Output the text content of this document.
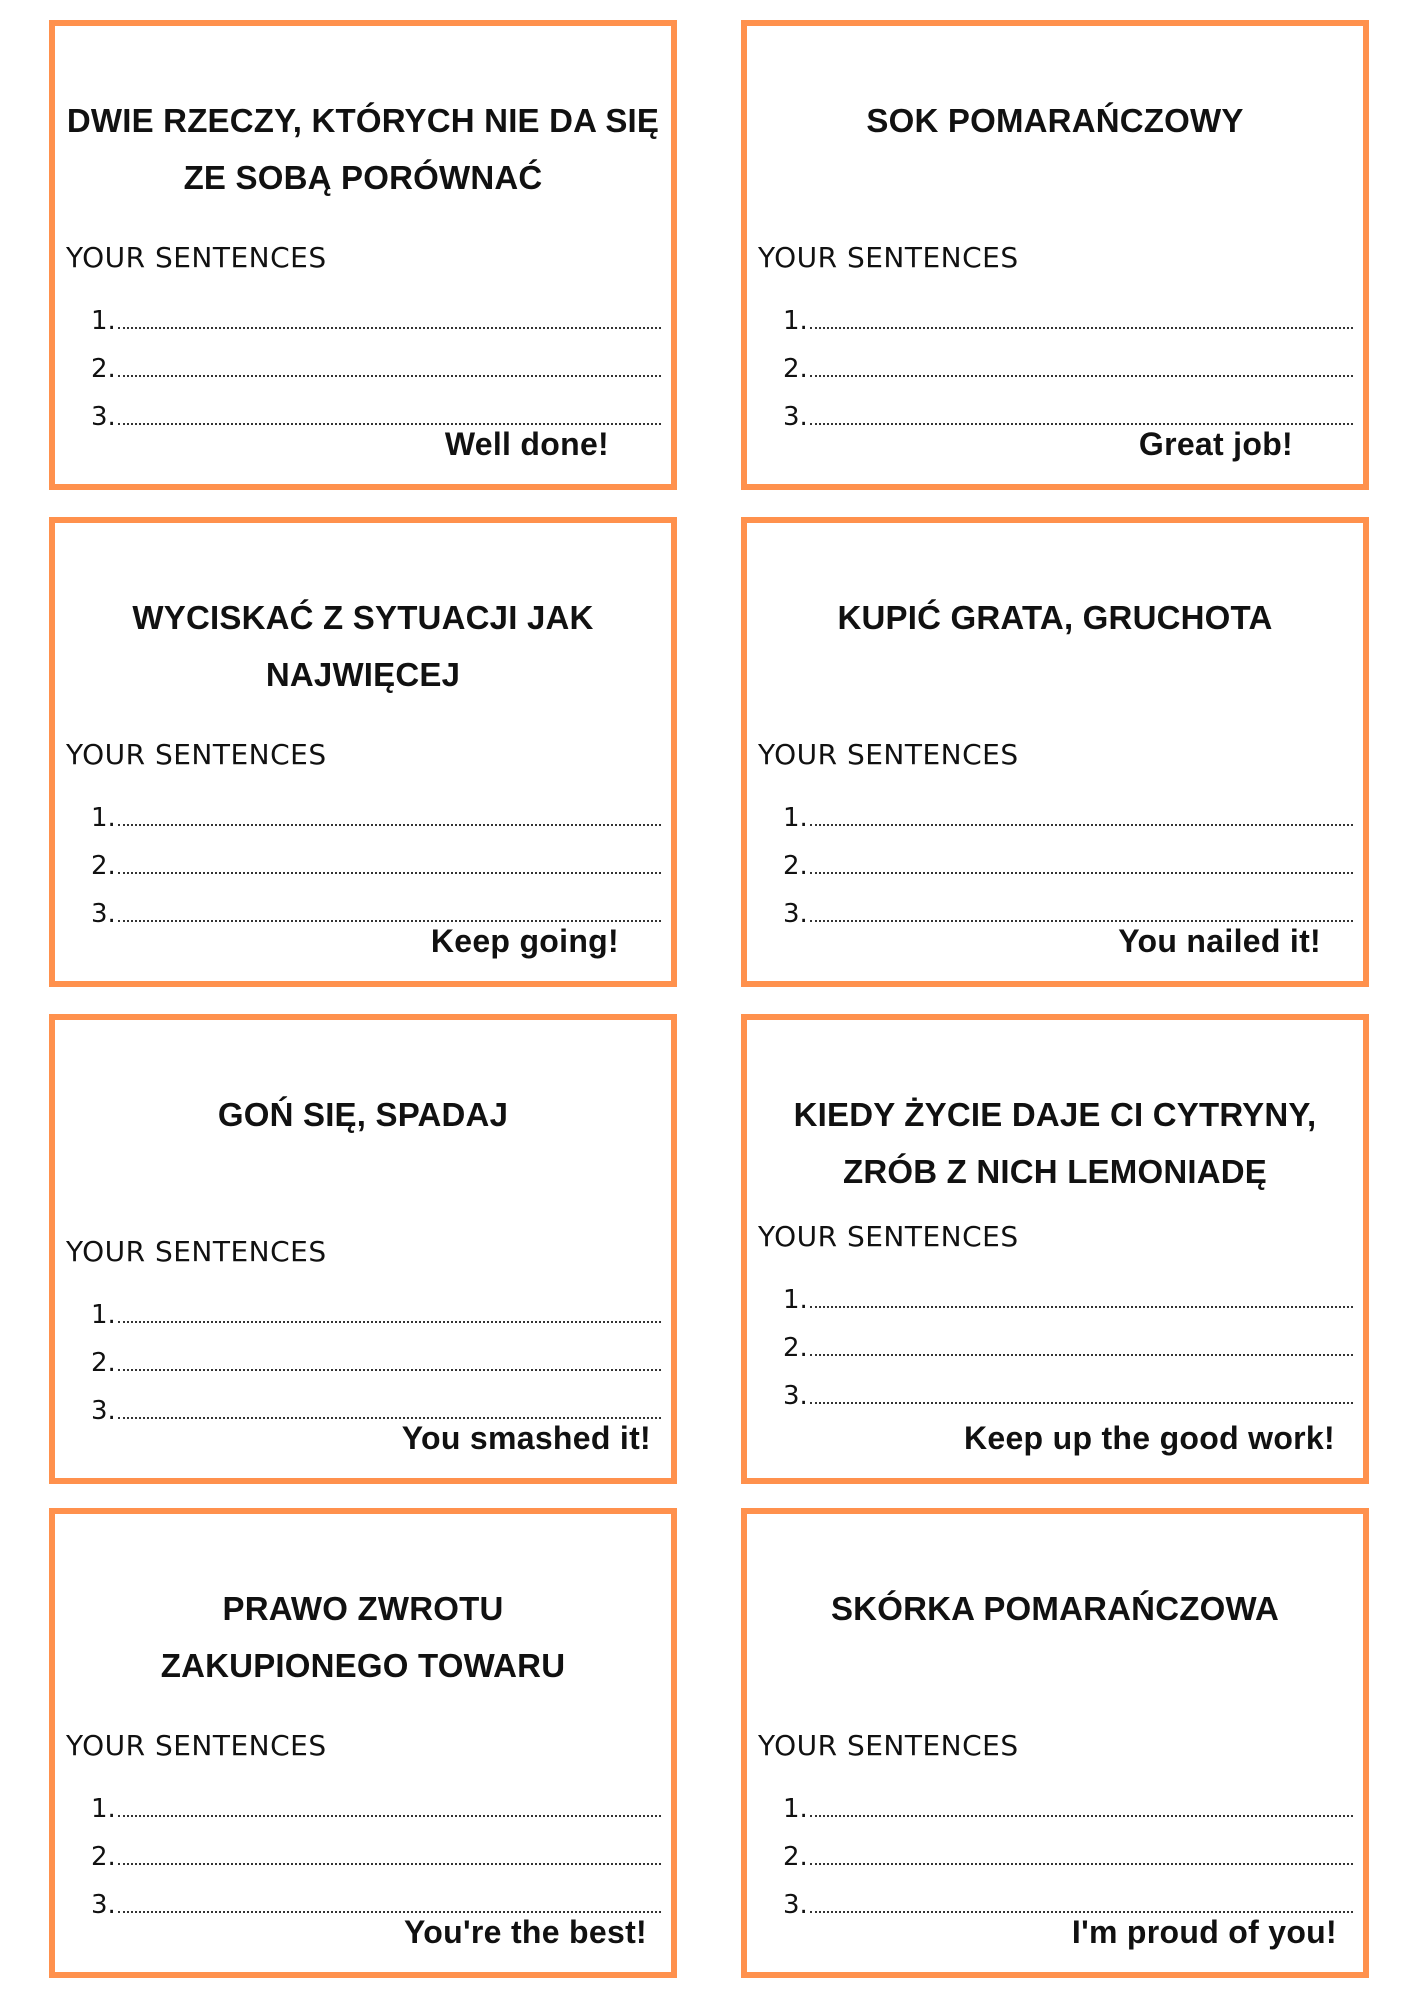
DWIE RZECZY, KTÓRYCH NIE DA SIĘ
ZE SOBĄ PORÓWNAĆ
YOUR SENTENCES
1.
2.
3.
Well done!
SOK POMARAŃCZOWY
YOUR SENTENCES
1.
2.
3.
Great job!
WYCISKAĆ Z SYTUACJI JAK NAJWIĘCEJ
YOUR SENTENCES
1.
2.
3.
Keep going!
KUPIĆ GRATA, GRUCHOTA
YOUR SENTENCES
1.
2.
3.
You nailed it!
GOŃ SIĘ, SPADAJ
YOUR SENTENCES
1.
2.
3.
You smashed it!
KIEDY ŻYCIE DAJE CI CYTRYNY,
ZRÓB Z NICH LEMONIADĘ
YOUR SENTENCES
1.
2.
3.
Keep up the good work!
PRAWO ZWROTU
ZAKUPIONEGO TOWARU
YOUR SENTENCES
1.
2.
3.
You're the best!
SKÓRKA POMARAŃCZOWA
YOUR SENTENCES
1.
2.
3.
I'm proud of you!
